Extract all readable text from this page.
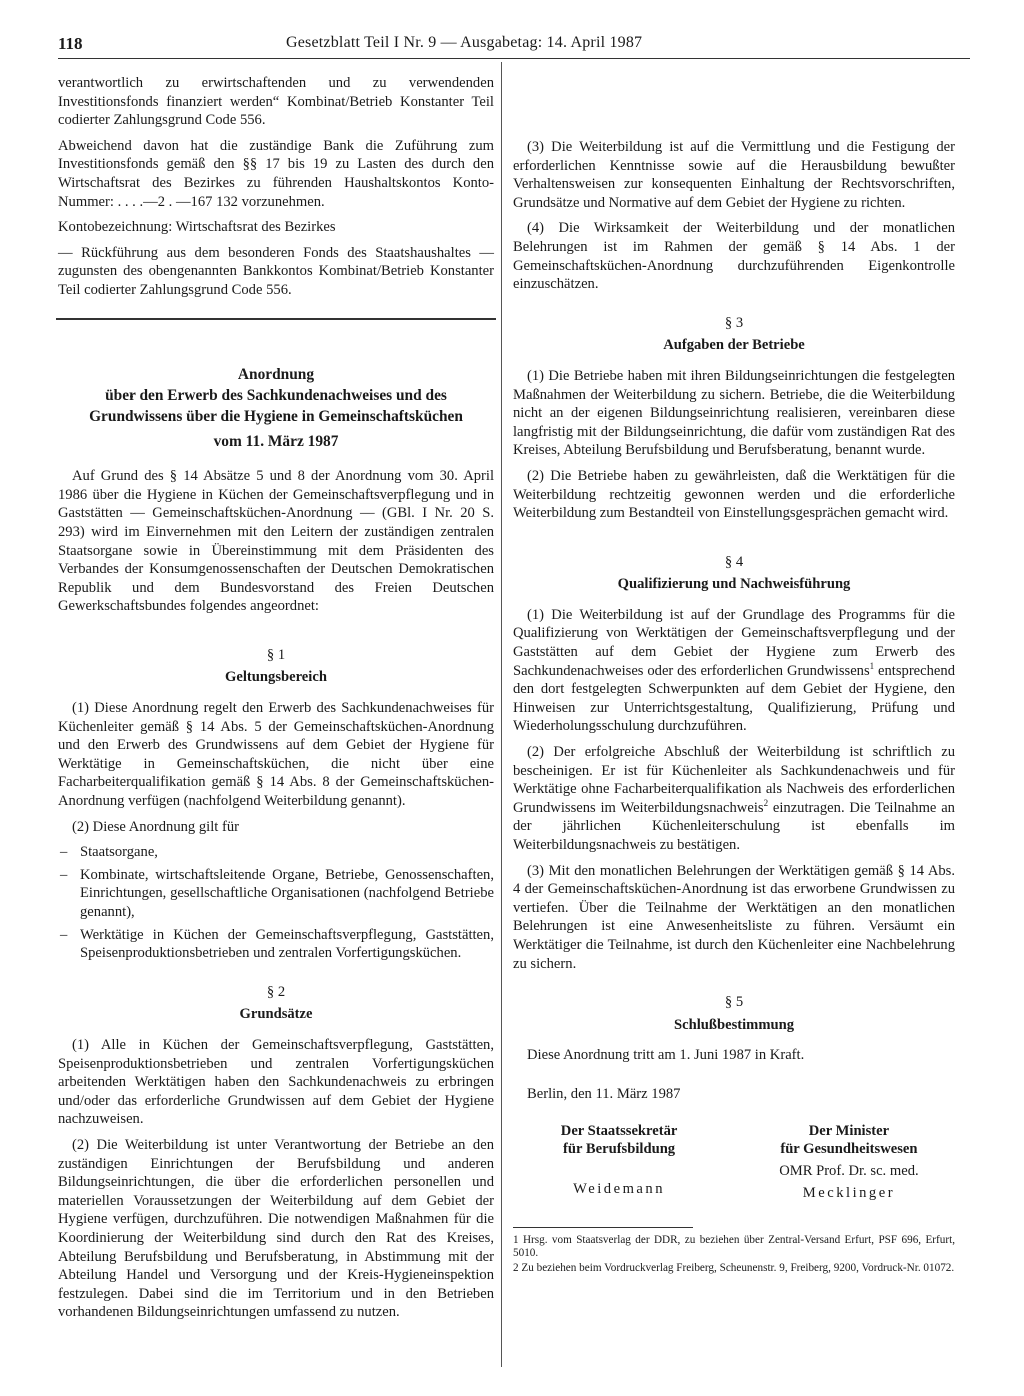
118	Gesetzblatt Teil I Nr. 9 — Ausgabetag: 14. April 1987

verantwortlich zu erwirtschaftenden und zu verwendenden Investitionsfonds finanziert werden“ Kombinat/Betrieb Konstanter Teil codierter Zahlungsgrund Code 556.

Abweichend davon hat die zuständige Bank die Zuführung zum Investitionsfonds gemäß den §§ 17 bis 19 zu Lasten des durch den Wirtschaftsrat des Bezirkes zu führenden Haushaltskontos Konto-Nummer: . . . .—2 . —167 132 vorzunehmen.

Kontobezeichnung: Wirtschaftsrat des Bezirkes

— Rückführung aus dem besonderen Fonds des Staatshaushaltes — zugunsten des obengenannten Bankkontos Kombinat/Betrieb Konstanter Teil codierter Zahlungsgrund Code 556.

Anordnung
über den Erwerb des Sachkundenachweises und des
Grundwissens über die Hygiene in Gemeinschaftsküchen
vom 11. März 1987

Auf Grund des § 14 Absätze 5 und 8 der Anordnung vom 30. April 1986 über die Hygiene in Küchen der Gemeinschaftsverpflegung und in Gaststätten — Gemeinschaftsküchen-Anordnung — (GBl. I Nr. 20 S. 293) wird im Einvernehmen mit den Leitern der zuständigen zentralen Staatsorgane sowie in Übereinstimmung mit dem Präsidenten des Verbandes der Konsumgenossenschaften der Deutschen Demokratischen Republik und dem Bundesvorstand des Freien Deutschen Gewerkschaftsbundes folgendes angeordnet:

§ 1
Geltungsbereich

(1) Diese Anordnung regelt den Erwerb des Sachkundenachweises für Küchenleiter gemäß § 14 Abs. 5 der Gemeinschaftsküchen-Anordnung und den Erwerb des Grundwissens auf dem Gebiet der Hygiene für Werktätige in Gemeinschaftsküchen, die nicht über eine Facharbeiterqualifikation gemäß § 14 Abs. 8 der Gemeinschaftsküchen-Anordnung verfügen (nachfolgend Weiterbildung genannt).

(2) Diese Anordnung gilt für

– Staatsorgane,
– Kombinate, wirtschaftsleitende Organe, Betriebe, Genossenschaften, Einrichtungen, gesellschaftliche Organisationen (nachfolgend Betriebe genannt),
– Werktätige in Küchen der Gemeinschaftsverpflegung, Gaststätten, Speisenproduktionsbetrieben und zentralen Vorfertigungsküchen.
§ 2
Grundsätze

(1) Alle in Küchen der Gemeinschaftsverpflegung, Gaststätten, Speisenproduktionsbetrieben und zentralen Vorfertigungsküchen arbeitenden Werktätigen haben den Sachkundenachweis zu erbringen und/oder das erforderliche Grundwissen auf dem Gebiet der Hygiene nachzuweisen.

(2) Die Weiterbildung ist unter Verantwortung der Betriebe an den zuständigen Einrichtungen der Berufsbildung und anderen Bildungseinrichtungen, die über die erforderlichen personellen und materiellen Voraussetzungen der Weiterbildung auf dem Gebiet der Hygiene verfügen, durchzuführen. Die notwendigen Maßnahmen für die Koordinierung der Weiterbildung sind durch den Rat des Kreises, Abteilung Berufsbildung und Berufsberatung, in Abstimmung mit der Abteilung Handel und Versorgung und der Kreis-Hygieneinspektion festzulegen. Dabei sind die im Territorium und in den Betrieben vorhandenen Bildungseinrichtungen umfassend zu nutzen.

(3) Die Weiterbildung ist auf die Vermittlung und die Festigung der erforderlichen Kenntnisse sowie auf die Herausbildung bewußter Verhaltensweisen zur konsequenten Einhaltung der Rechtsvorschriften, Grundsätze und Normative auf dem Gebiet der Hygiene zu richten.

(4) Die Wirksamkeit der Weiterbildung und der monatlichen Belehrungen ist im Rahmen der gemäß § 14 Abs. 1 der Gemeinschaftsküchen-Anordnung durchzuführenden Eigenkontrolle einzuschätzen.

§ 3
Aufgaben der Betriebe

(1) Die Betriebe haben mit ihren Bildungseinrichtungen die festgelegten Maßnahmen der Weiterbildung zu sichern. Betriebe, die die Weiterbildung nicht an der eigenen Bildungseinrichtung realisieren, vereinbaren diese langfristig mit der Bildungseinrichtung, die dafür vom zuständigen Rat des Kreises, Abteilung Berufsbildung und Berufsberatung, benannt wurde.

(2) Die Betriebe haben zu gewährleisten, daß die Werktätigen für die Weiterbildung rechtzeitig gewonnen werden und die erforderliche Weiterbildung zum Bestandteil von Einstellungsgesprächen gemacht wird.

§ 4
Qualifizierung und Nachweisführung

(1) Die Weiterbildung ist auf der Grundlage des Programms für die Qualifizierung von Werktätigen der Gemeinschaftsverpflegung und der Gaststätten auf dem Gebiet der Hygiene zum Erwerb des Sachkundenachweises oder des erforderlichen Grundwissens$^1$ entsprechend den dort festgelegten Schwerpunkten auf dem Gebiet der Hygiene, den Hinweisen zur Unterrichtsgestaltung, Qualifizierung, Prüfung und Wiederholungsschulung durchzuführen.

(2) Der erfolgreiche Abschluß der Weiterbildung ist schriftlich zu bescheinigen. Er ist für Küchenleiter als Sachkundenachweis und für Werktätige ohne Facharbeiterqualifikation als Nachweis des erforderlichen Grundwissens im Weiterbildungsnachweis$^2$ einzutragen. Die Teilnahme an der jährlichen Küchenleiterschulung ist ebenfalls im Weiterbildungsnachweis zu bestätigen.

(3) Mit den monatlichen Belehrungen der Werktätigen gemäß § 14 Abs. 4 der Gemeinschaftsküchen-Anordnung ist das erworbene Grundwissen zu vertiefen. Über die Teilnahme der Werktätigen an den monatlichen Belehrungen ist eine Anwesenheitsliste zu führen. Versäumt ein Werktätiger die Teilnahme, ist durch den Küchenleiter eine Nachbelehrung zu sichern.

§ 5
Schlußbestimmung

Diese Anordnung tritt am 1. Juni 1987 in Kraft.

Berlin, den 11. März 1987

Der Staatssekretär
für Berufsbildung
Weidemann
Der Minister
für Gesundheitswesen
OMR Prof. Dr. sc. med.
Mecklinger

1 Hrsg. vom Staatsverlag der DDR, zu beziehen über Zentral-Versand Erfurt, PSF 696, Erfurt, 5010.

2 Zu beziehen beim Vordruckverlag Freiberg, Scheunenstr. 9, Freiberg, 9200, Vordruck-Nr. 01072.
